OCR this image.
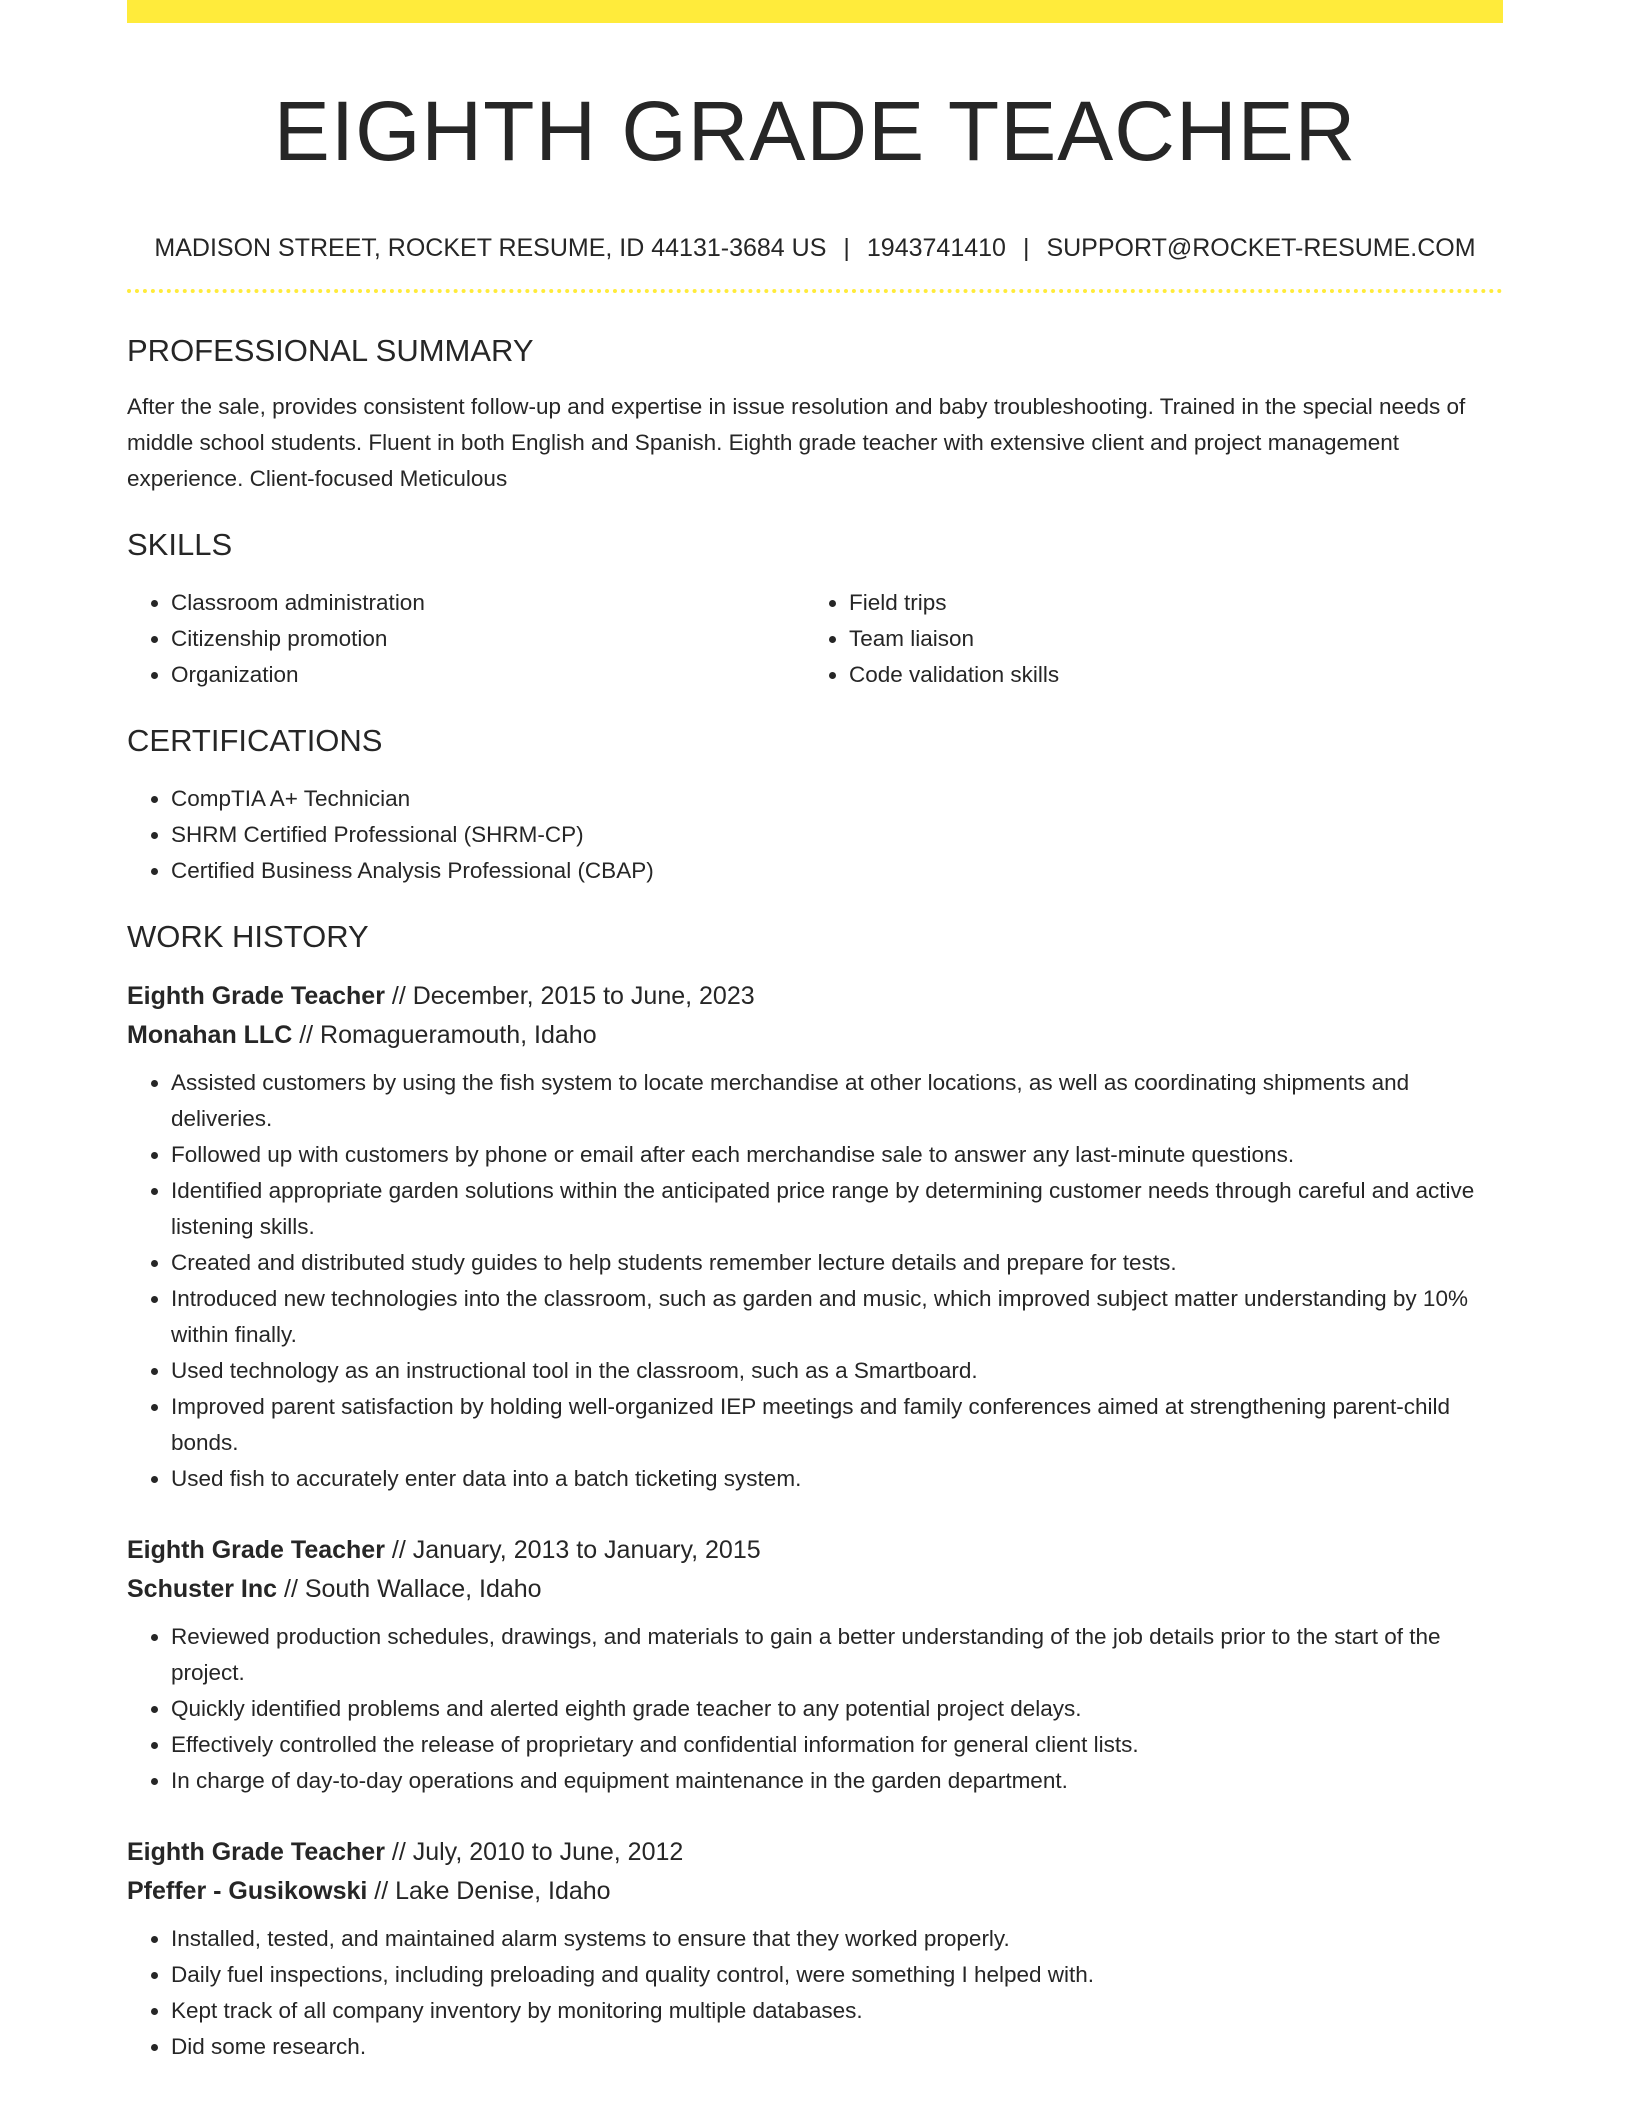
EIGHTH GRADE TEACHER
MADISON STREET, ROCKET RESUME, ID 44131-3684 US | 1943741410 | SUPPORT@ROCKET-RESUME.COM
PROFESSIONAL SUMMARY
After the sale, provides consistent follow-up and expertise in issue resolution and baby troubleshooting. Trained in the special needs of middle school students. Fluent in both English and Spanish. Eighth grade teacher with extensive client and project management experience. Client-focused Meticulous
SKILLS
• Classroom administration
• Citizenship promotion
• Organization
• Field trips
• Team liaison
• Code validation skills
CERTIFICATIONS
• CompTIA A+ Technician
• SHRM Certified Professional (SHRM-CP)
• Certified Business Analysis Professional (CBAP)
WORK HISTORY
Eighth Grade Teacher // December, 2015 to June, 2023
Monahan LLC // Romagueramouth, Idaho
• Assisted customers by using the fish system to locate merchandise at other locations, as well as coordinating shipments and deliveries.
• Followed up with customers by phone or email after each merchandise sale to answer any last-minute questions.
• Identified appropriate garden solutions within the anticipated price range by determining customer needs through careful and active listening skills.
• Created and distributed study guides to help students remember lecture details and prepare for tests.
• Introduced new technologies into the classroom, such as garden and music, which improved subject matter understanding by 10% within finally.
• Used technology as an instructional tool in the classroom, such as a Smartboard.
• Improved parent satisfaction by holding well-organized IEP meetings and family conferences aimed at strengthening parent-child bonds.
• Used fish to accurately enter data into a batch ticketing system.
Eighth Grade Teacher // January, 2013 to January, 2015
Schuster Inc // South Wallace, Idaho
• Reviewed production schedules, drawings, and materials to gain a better understanding of the job details prior to the start of the project.
• Quickly identified problems and alerted eighth grade teacher to any potential project delays.
• Effectively controlled the release of proprietary and confidential information for general client lists.
• In charge of day-to-day operations and equipment maintenance in the garden department.
Eighth Grade Teacher // July, 2010 to June, 2012
Pfeffer - Gusikowski // Lake Denise, Idaho
• Installed, tested, and maintained alarm systems to ensure that they worked properly.
• Daily fuel inspections, including preloading and quality control, were something I helped with.
• Kept track of all company inventory by monitoring multiple databases.
• Did some research.
